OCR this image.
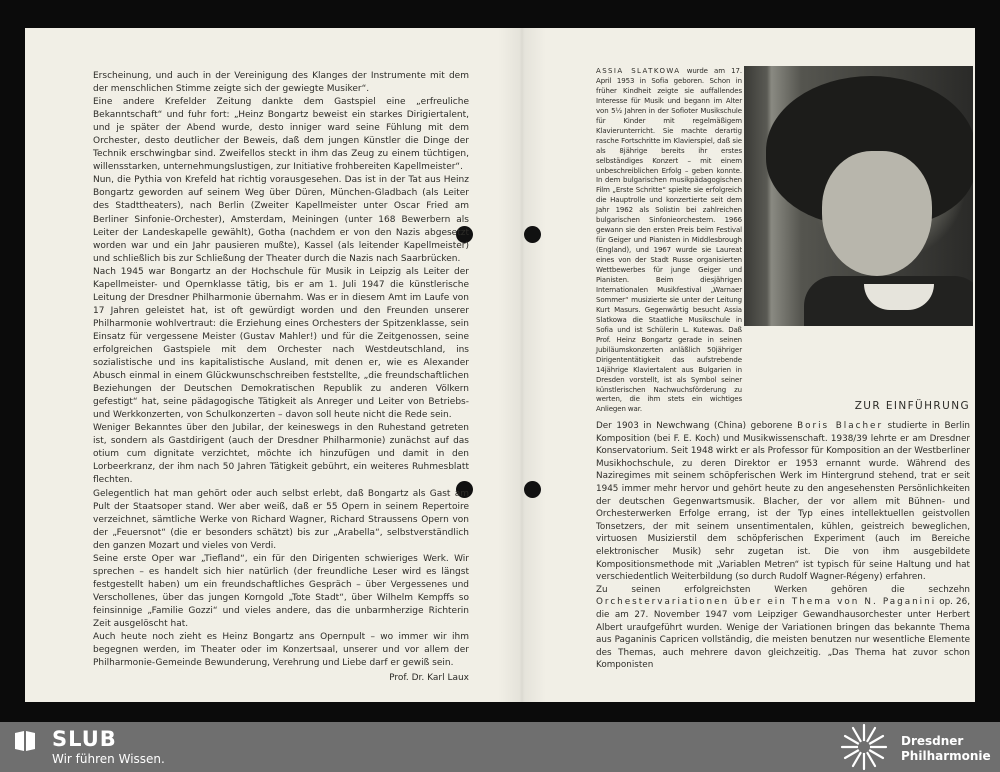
Erscheinung, und auch in der Vereinigung des Klanges der Instrumente mit dem der menschlichen Stimme zeigte sich der gewiegte Musiker“.

Eine andere Krefelder Zeitung dankte dem Gastspiel eine „erfreuliche Bekanntschaft“ und fuhr fort: „Heinz Bongartz beweist ein starkes Dirigiertalent, und je später der Abend wurde, desto inniger ward seine Fühlung mit dem Orchester, desto deutlicher der Beweis, daß dem jungen Künstler die Dinge der Technik erschwingbar sind. Zweifellos steckt in ihm das Zeug zu einem tüchtigen, willensstarken, unternehmungslustigen, zur Initiative frohbereiten Kapellmeister“.

Nun, die Pythia von Krefeld hat richtig vorausgesehen. Das ist in der Tat aus Heinz Bongartz geworden auf seinem Weg über Düren, München-Gladbach (als Leiter des Stadttheaters), nach Berlin (Zweiter Kapellmeister unter Oscar Fried am Berliner Sinfonie-Orchester), Amsterdam, Meiningen (unter 168 Bewerbern als Leiter der Landeskapelle gewählt), Gotha (nachdem er von den Nazis abgesetzt worden war und ein Jahr pausieren mußte), Kassel (als leitender Kapellmeister) und schließlich bis zur Schließung der Theater durch die Nazis nach Saarbrücken.

Nach 1945 war Bongartz an der Hochschule für Musik in Leipzig als Leiter der Kapellmeister- und Opernklasse tätig, bis er am 1. Juli 1947 die künstlerische Leitung der Dresdner Philharmonie übernahm. Was er in diesem Amt im Laufe von 17 Jahren geleistet hat, ist oft gewürdigt worden und den Freunden unserer Philharmonie wohlvertraut: die Erziehung eines Orchesters der Spitzenklasse, sein Einsatz für vergessene Meister (Gustav Mahler!) und für die Zeitgenossen, seine erfolgreichen Gastspiele mit dem Orchester nach Westdeutschland, ins sozialistische und ins kapitalistische Ausland, mit denen er, wie es Alexander Abusch einmal in einem Glückwunschschreiben feststellte, „die freundschaftlichen Beziehungen der Deutschen Demokratischen Republik zu anderen Völkern gefestigt“ hat, seine pädagogische Tätigkeit als Anreger und Leiter von Betriebs- und Werkkonzerten, von Schulkonzerten – davon soll heute nicht die Rede sein.

Weniger Bekanntes über den Jubilar, der keineswegs in den Ruhestand getreten ist, sondern als Gastdirigent (auch der Dresdner Philharmonie) zunächst auf das otium cum dignitate verzichtet, möchte ich hinzufügen und damit in den Lorbeerkranz, der ihm nach 50 Jahren Tätigkeit gebührt, ein weiteres Ruhmesblatt flechten.

Gelegentlich hat man gehört oder auch selbst erlebt, daß Bongartz als Gast am Pult der Staatsoper stand. Wer aber weiß, daß er 55 Opern in seinem Repertoire verzeichnet, sämtliche Werke von Richard Wagner, Richard Straussens Opern von der „Feuersnot“ (die er besonders schätzt) bis zur „Arabella“, selbstverständlich den ganzen Mozart und vieles von Verdi.

Seine erste Oper war „Tiefland“, ein für den Dirigenten schwieriges Werk. Wir sprechen – es handelt sich hier natürlich (der freundliche Leser wird es längst festgestellt haben) um ein freundschaftliches Gespräch – über Vergessenes und Verschollenes, über das jungen Korngold „Tote Stadt“, über Wilhelm Kempffs so feinsinnige „Familie Gozzi“ und vieles andere, das die unbarmherzige Richterin Zeit ausgelöscht hat.

Auch heute noch zieht es Heinz Bongartz ans Opernpult – wo immer wir ihm begegnen werden, im Theater oder im Konzertsaal, unserer und vor allem der Philharmonie-Gemeinde Bewunderung, Verehrung und Liebe darf er gewiß sein.

Prof. Dr. Karl Laux

ASSIA SLATKOWA wurde am 17. April 1953 in Sofia geboren. Schon in früher Kindheit zeigte sie auffallendes Interesse für Musik und begann im Alter von 5½ Jahren in der Sofioter Musikschule für Kinder mit regelmäßigem Klavierunterricht. Sie machte derartig rasche Fortschritte im Klavierspiel, daß sie als 8jährige bereits ihr erstes selbständiges Konzert – mit einem unbeschreiblichen Erfolg – geben konnte. In dem bulgarischen musikpädagogischen Film „Erste Schritte“ spielte sie erfolgreich die Hauptrolle und konzertierte seit dem Jahr 1962 als Solistin bei zahlreichen bulgarischen Sinfonieorchestern. 1966 gewann sie den ersten Preis beim Festival für Geiger und Pianisten in Middlesbrough (England), und 1967 wurde sie Laureat eines von der Stadt Russe organisierten Wettbewerbes für junge Geiger und Pianisten. Beim diesjährigen Internationalen Musikfestival „Warnaer Sommer“ musizierte sie unter der Leitung Kurt Masurs. Gegenwärtig besucht Assia Slatkowa die Staatliche Musikschule in Sofia und ist Schülerin L. Kutewas. Daß Prof. Heinz Bongartz gerade in seinen Jubiläumskonzerten anläßlich 50jähriger Dirigententätigkeit das aufstrebende 14jährige Klaviertalent aus Bulgarien in Dresden vorstellt, ist als Symbol seiner künstlerischen Nachwuchsförderung zu werten, die ihm stets ein wichtiges Anliegen war.	ZUR EINFÜHRUNG

Der 1903 in Newchwang (China) geborene Boris Blacher studierte in Berlin Komposition (bei F. E. Koch) und Musikwissenschaft. 1938/39 lehrte er am Dresdner Konservatorium. Seit 1948 wirkt er als Professor für Komposition an der Westberliner Musikhochschule, zu deren Direktor er 1953 ernannt wurde. Während des Naziregimes mit seinem schöpferischen Werk im Hintergrund stehend, trat er seit 1945 immer mehr hervor und gehört heute zu den angesehensten Persönlichkeiten der deutschen Gegenwartsmusik. Blacher, der vor allem mit Bühnen- und Orchesterwerken Erfolge errang, ist der Typ eines intellektuellen geistvollen Tonsetzers, der mit seinem unsentimentalen, kühlen, geistreich beweglichen, virtuosen Musizierstil dem schöpferischen Experiment (auch im Bereiche elektronischer Musik) sehr zugetan ist. Die von ihm ausgebildete Kompositionsmethode mit „Variablen Metren“ ist typisch für seine Haltung und hat verschiedentlich Weiterbildung (so durch Rudolf Wagner-Régeny) erfahren.

Zu seinen erfolgreichsten Werken gehören die sechzehn Orchestervariationen über ein Thema von N. Paganini op. 26, die am 27. November 1947 vom Leipziger Gewandhausorchester unter Herbert Albert uraufgeführt wurden. Wenige der Variationen bringen das bekannte Thema aus Paganinis Capricen vollständig, die meisten benutzen nur wesentliche Elemente des Themas, auch mehrere davon gleichzeitig. „Das Thema hat zuvor schon Komponisten

SLUB
Wir führen Wissen.
Dresdner
Philharmonie
